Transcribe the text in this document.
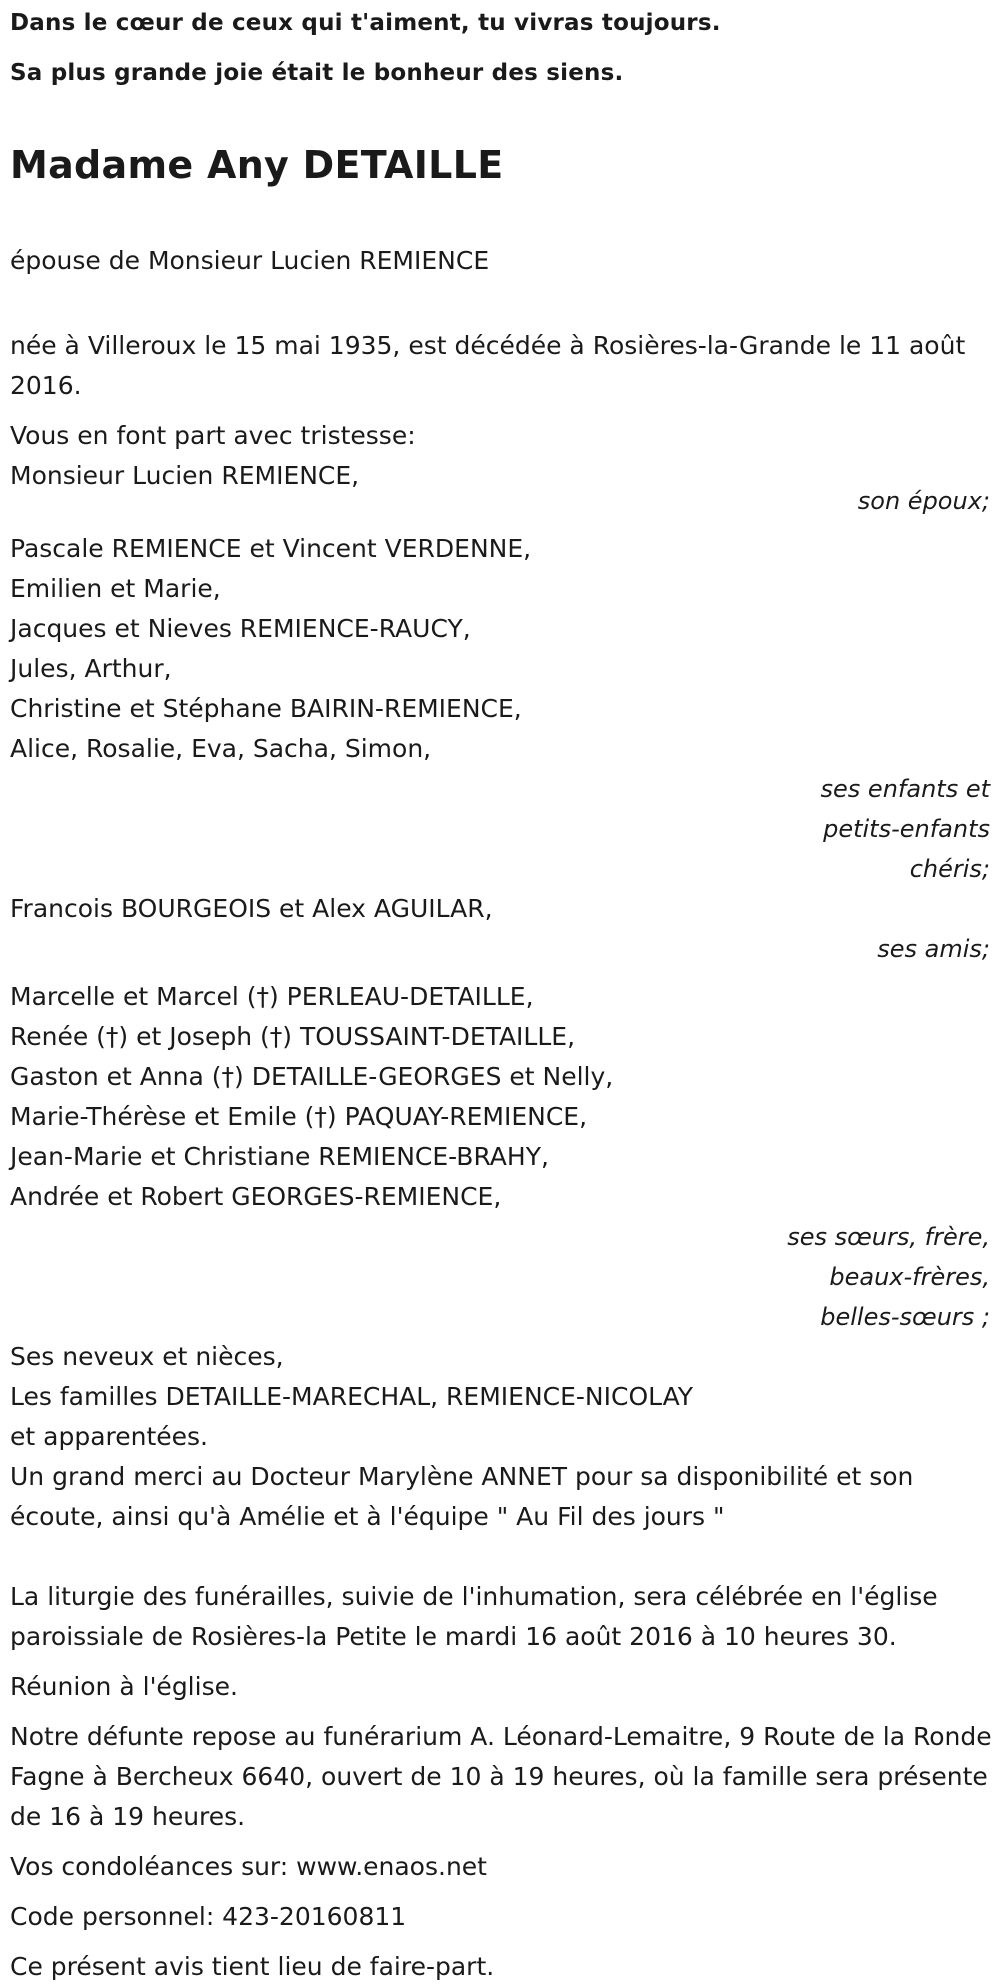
Dans le cœur de ceux qui t'aiment, tu vivras toujours.
Sa plus grande joie était le bonheur des siens.
Madame Any DETAILLE

épouse de Monsieur Lucien REMIENCE

née à Villeroux le 15 mai 1935, est décédée à Rosières-la-Grande le 11 août 2016.

Vous en font part avec tristesse:

Monsieur Lucien REMIENCE,
son époux;
Pascale REMIENCE et Vincent VERDENNE,
Emilien et Marie,
Jacques et Nieves REMIENCE-RAUCY,
Jules, Arthur,
Christine et Stéphane BAIRIN-REMIENCE,
Alice, Rosalie, Eva, Sacha, Simon,
ses enfants et
petits-enfants
chéris;
Francois BOURGEOIS et Alex AGUILAR,
ses amis;
Marcelle et Marcel (†) PERLEAU-DETAILLE,
Renée (†) et Joseph (†) TOUSSAINT-DETAILLE,
Gaston et Anna (†) DETAILLE-GEORGES et Nelly,
Marie-Thérèse et Emile (†) PAQUAY-REMIENCE,
Jean-Marie et Christiane REMIENCE-BRAHY,
Andrée et Robert GEORGES-REMIENCE,
ses sœurs, frère,
beaux-frères,
belles-sœurs ;
Ses neveux et nièces,
Les familles DETAILLE-MARECHAL, REMIENCE-NICOLAY
et apparentées.

Un grand merci au Docteur Marylène ANNET pour sa disponibilité et son écoute, ainsi qu'à Amélie et à l'équipe " Au Fil des jours "

La liturgie des funérailles, suivie de l'inhumation, sera célébrée en l'église paroissiale de Rosières-la Petite le mardi 16 août 2016 à 10 heures 30.

Réunion à l'église.

Notre défunte repose au funérarium A. Léonard-Lemaitre, 9 Route de la Ronde Fagne à Bercheux 6640, ouvert de 10 à 19 heures, où la famille sera présente de 16 à 19 heures.

Vos condoléances sur: www.enaos.net

Code personnel: 423-20160811

Ce présent avis tient lieu de faire-part.
